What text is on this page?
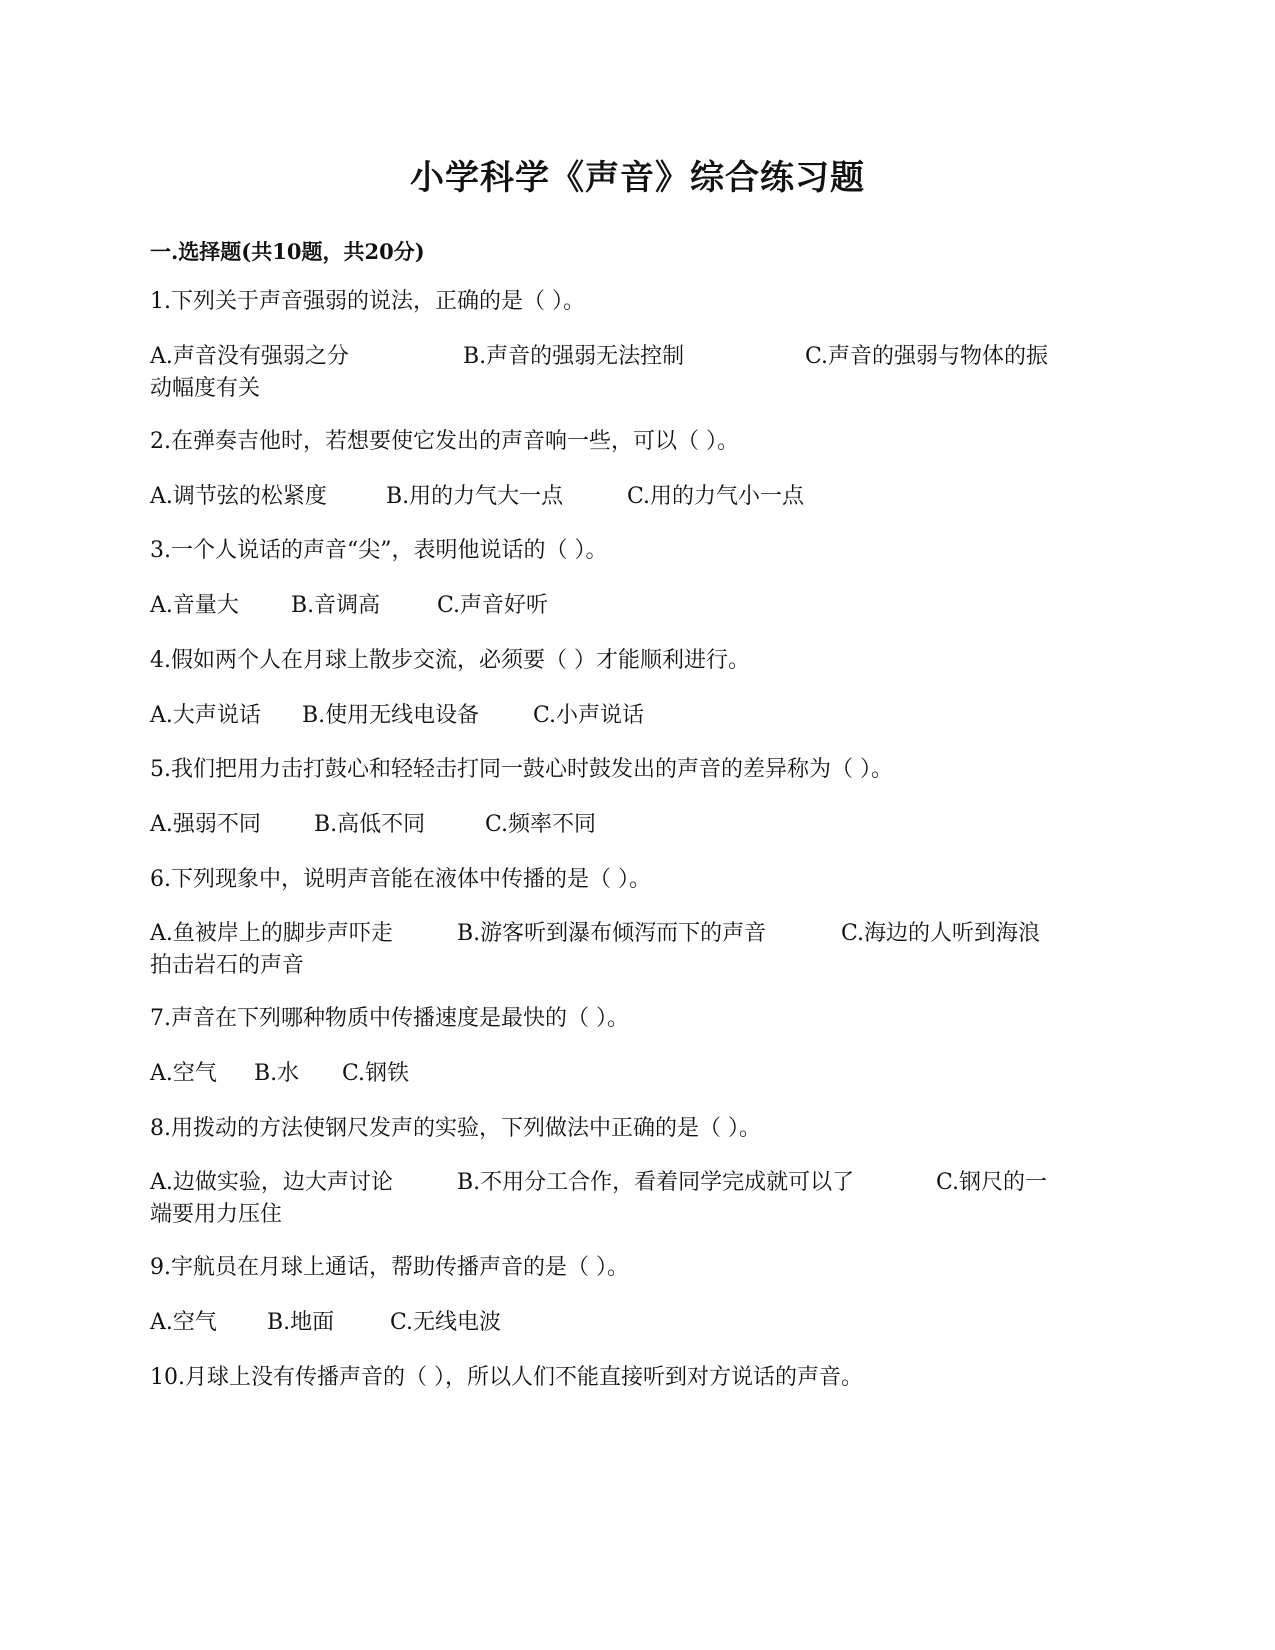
小学科学《声音》综合练习题
一.选择题(共10题，共20分)

1.下列关于声音强弱的说法，正确的是（ ）。

A.声音没有强弱之分	B.声音的强弱无法控制	C.声音的强弱与物体的振
动幅度有关

2.在弹奏吉他时，若想要使它发出的声音响一些，可以（ ）。

A.调节弦的松紧度	B.用的力气大一点	C.用的力气小一点

3.一个人说话的声音“尖”，表明他说话的（ ）。

A.音量大 B.音调高	C.声音好听

4.假如两个人在月球上散步交流，必须要（ ）才能顺利进行。

A.大声说话 B.使用无线电设备 C.小声说话

5.我们把用力击打鼓心和轻轻击打同一鼓心时鼓发出的声音的差异称为（ ）。

A.强弱不同 B.高低不同	C.频率不同

6.下列现象中，说明声音能在液体中传播的是（ ）。

A.鱼被岸上的脚步声吓走	B.游客听到瀑布倾泻而下的声音	C.海边的人听到海浪
拍击岩石的声音

7.声音在下列哪种物质中传播速度是最快的（ ）。

A.空气 B.水 C.钢铁

8.用拨动的方法使钢尺发声的实验，下列做法中正确的是（ ）。

A.边做实验，边大声讨论	B.不用分工合作，看着同学完成就可以了	C.钢尺的一
端要用力压住

9.宇航员在月球上通话，帮助传播声音的是（ ）。

A.空气 B.地面	C.无线电波

10.月球上没有传播声音的（ ），所以人们不能直接听到对方说话的声音。
